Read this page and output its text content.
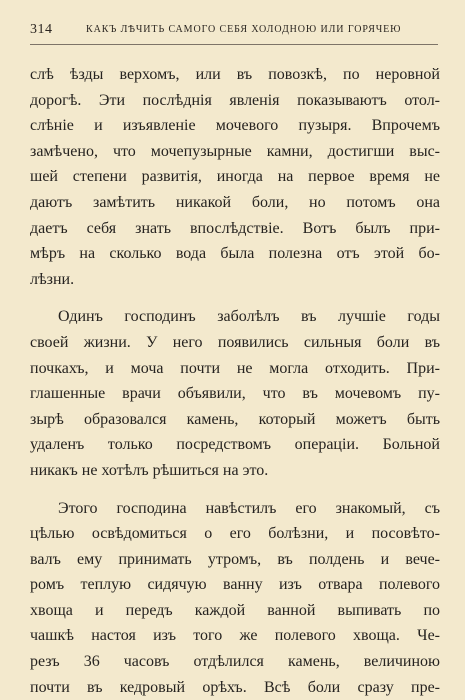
314	КАКЪ ЛѢЧИТЬ САМОГО СЕБЯ ХОЛОДНОЮ ИЛИ ГОРЯЧЕЮ
слѣ ѣзды верхомъ, или въ повозкѣ, по неровной
дорогѣ. Эти послѣднія явленія показываютъ отол-
слѣніе и изъявленіе мочевого пузыря. Впрочемъ
замѣчено, что мочепузырные камни, достигши выс-
шей степени развитія, иногда на первое время не
даютъ замѣтить никакой боли, но потомъ она
даетъ себя знать впослѣдствіе. Вотъ былъ при-
мѣръ на сколько вода была полезна отъ этой бо-
лѣзни.
Одинъ господинъ заболѣлъ въ лучшіе годы
своей жизни. У него появились сильныя боли въ
почкахъ, и моча почти не могла отходить. При-
глашенные врачи объявили, что въ мочевомъ пу-
зырѣ образовался камень, который можетъ быть
удаленъ только посредствомъ операціи. Больной
никакъ не хотѣлъ рѣшиться на это.
Этого господина навѣстилъ его знакомый, съ
цѣлью освѣдомиться о его болѣзни, и посовѣто-
валъ ему принимать утромъ, въ полдень и вече-
ромъ теплую сидячую ванну изъ отвара полевого
хвоща и передъ каждой ванной выпивать по
чашкѣ настоя изъ того же полевого хвоща. Че-
резъ 36 часовъ отдѣлился камень, величиною
почти въ кедровый орѣхъ. Всѣ боли сразу пре-
